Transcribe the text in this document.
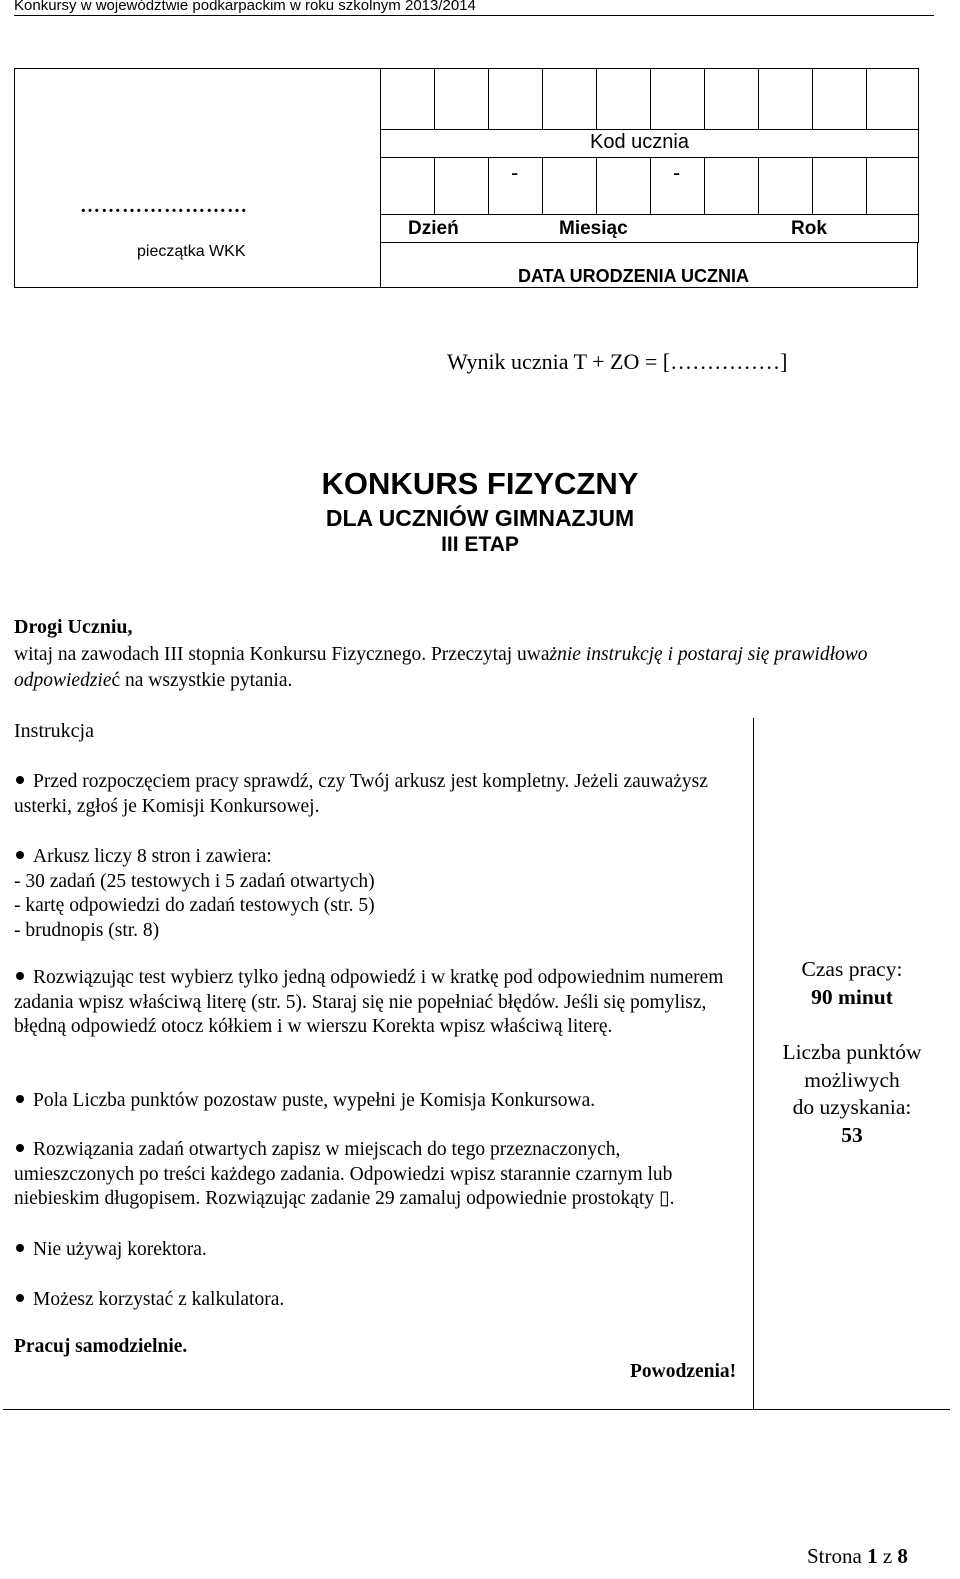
Konkursy w województwie podkarpackim w roku szkolnym 2013/2014
……………………
pieczątka WKK
Kod ucznia
-	-
Dzień	Miesiąc	Rok
DATA URODZENIA UCZNIA
Wynik ucznia T + ZO = [……………]
KONKURS FIZYCZNY
DLA UCZNIÓW GIMNAZJUM
III ETAP
Drogi Uczniu,
witaj na zawodach III stopnia Konkursu Fizycznego. Przeczytaj uważnie instrukcję i postaraj się prawidłowo odpowiedzieć na wszystkie pytania.
Instrukcja
Przed rozpoczęciem pracy sprawdź, czy Twój arkusz jest kompletny. Jeżeli zauważysz usterki, zgłoś je Komisji Konkursowej.
Arkusz liczy 8 stron i zawiera:
- 30 zadań (25 testowych i 5 zadań otwartych)
- kartę odpowiedzi do zadań testowych (str. 5)
- brudnopis (str. 8)
Rozwiązując test wybierz tylko jedną odpowiedź i w kratkę pod odpowiednim numerem zadania wpisz właściwą literę (str. 5). Staraj się nie popełniać błędów. Jeśli się pomylisz, błędną odpowiedź otocz kółkiem i w wierszu Korekta wpisz właściwą literę.
Pola Liczba punktów pozostaw puste, wypełni je Komisja Konkursowa.
Rozwiązania zadań otwartych zapisz w miejscach do tego przeznaczonych, umieszczonych po treści każdego zadania. Odpowiedzi wpisz starannie czarnym lub niebieskim długopisem. Rozwiązując zadanie 29 zamaluj odpowiednie prostokąty ▯.
Nie używaj korektora.
Możesz korzystać z kalkulatora.
Czas pracy:
90 minut
Liczba punktów
możliwych
do uzyskania:
53
Pracuj samodzielnie.
Powodzenia!
Strona 1 z 8
